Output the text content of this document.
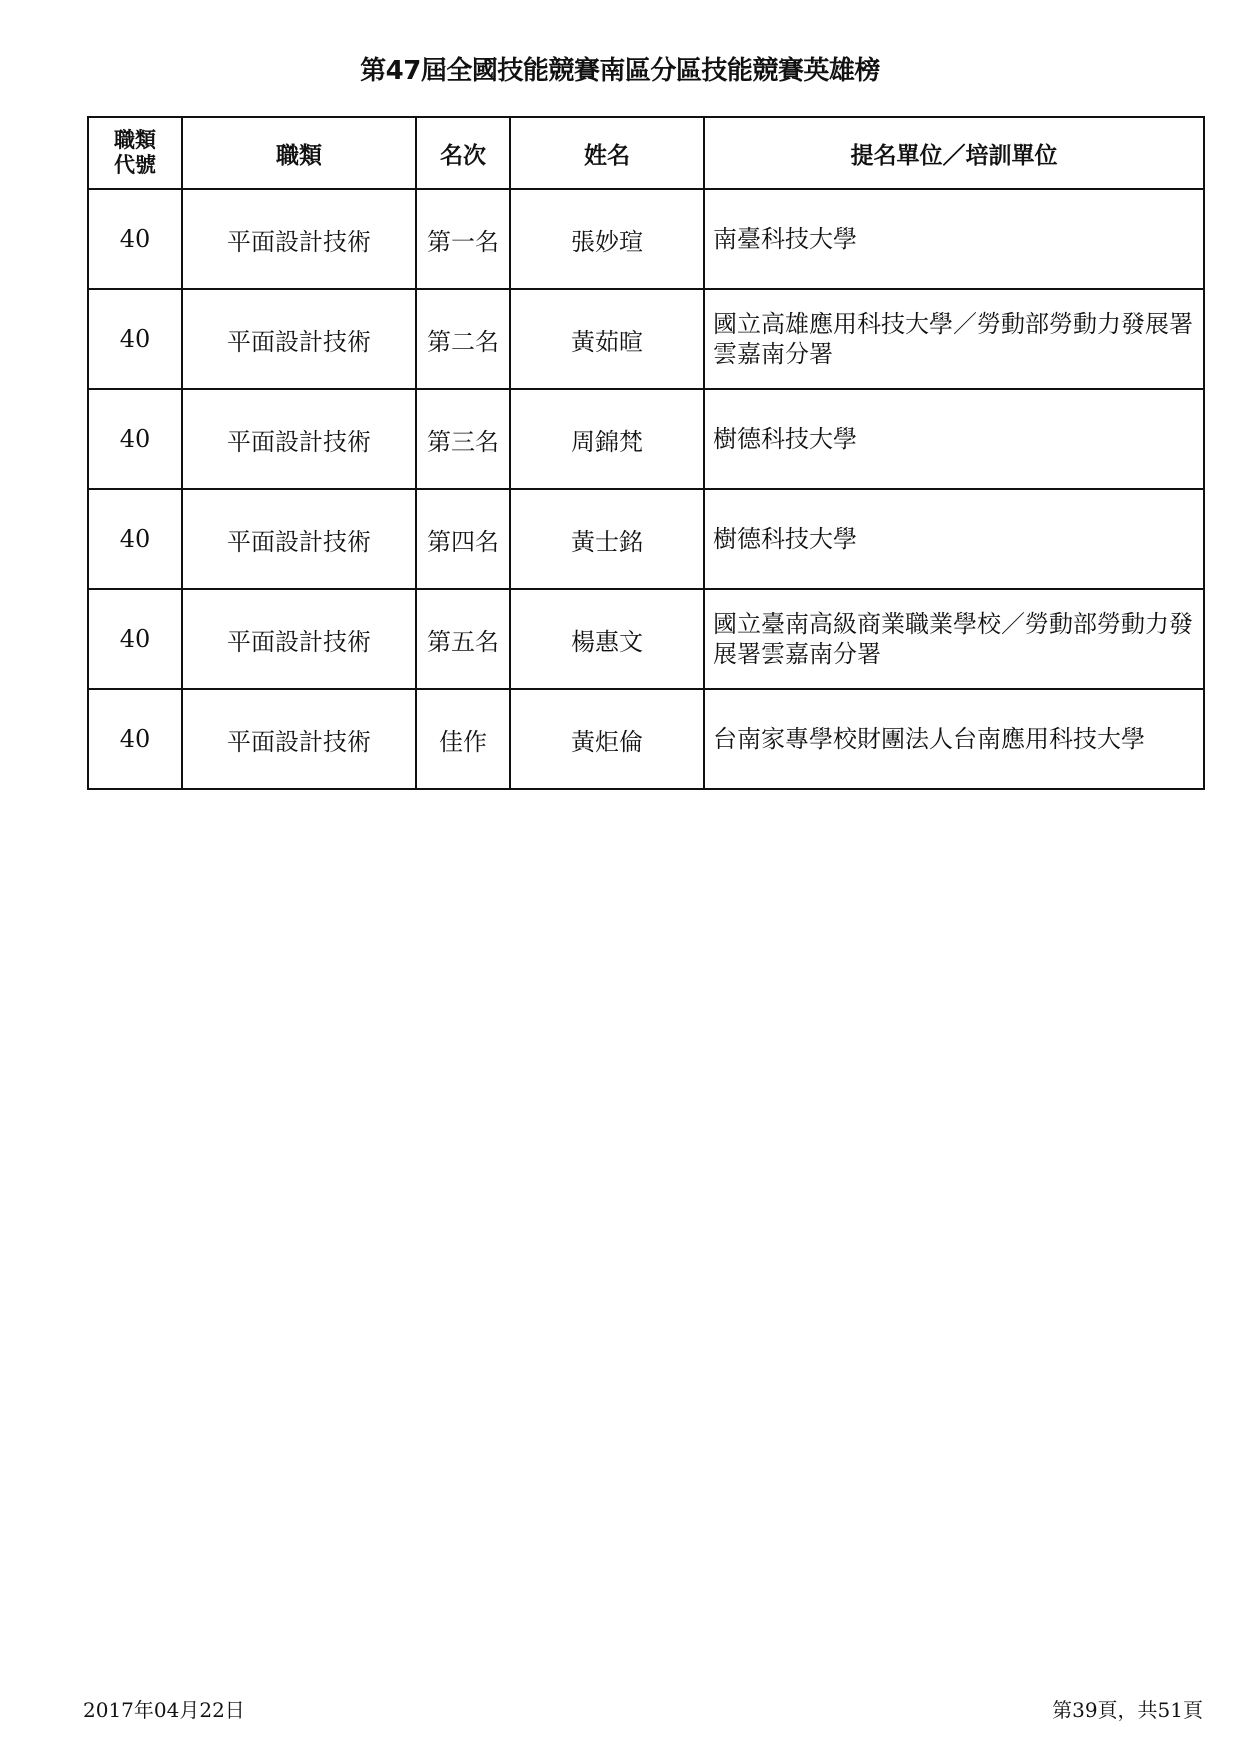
第47屆全國技能競賽南區分區技能競賽英雄榜
職類
代號	職類	名次	姓名	提名單位／培訓單位
40	平面設計技術	第一名	張妙瑄	南臺科技大學
40	平面設計技術	第二名	黃茹暄	國立高雄應用科技大學／勞動部勞動力發展署雲嘉南分署
40	平面設計技術	第三名	周錦梵	樹德科技大學
40	平面設計技術	第四名	黃士銘	樹德科技大學
40	平面設計技術	第五名	楊惠文	國立臺南高級商業職業學校／勞動部勞動力發展署雲嘉南分署
40	平面設計技術	佳作	黃炬倫	台南家專學校財團法人台南應用科技大學
2017年04月22日	第39頁，共51頁
